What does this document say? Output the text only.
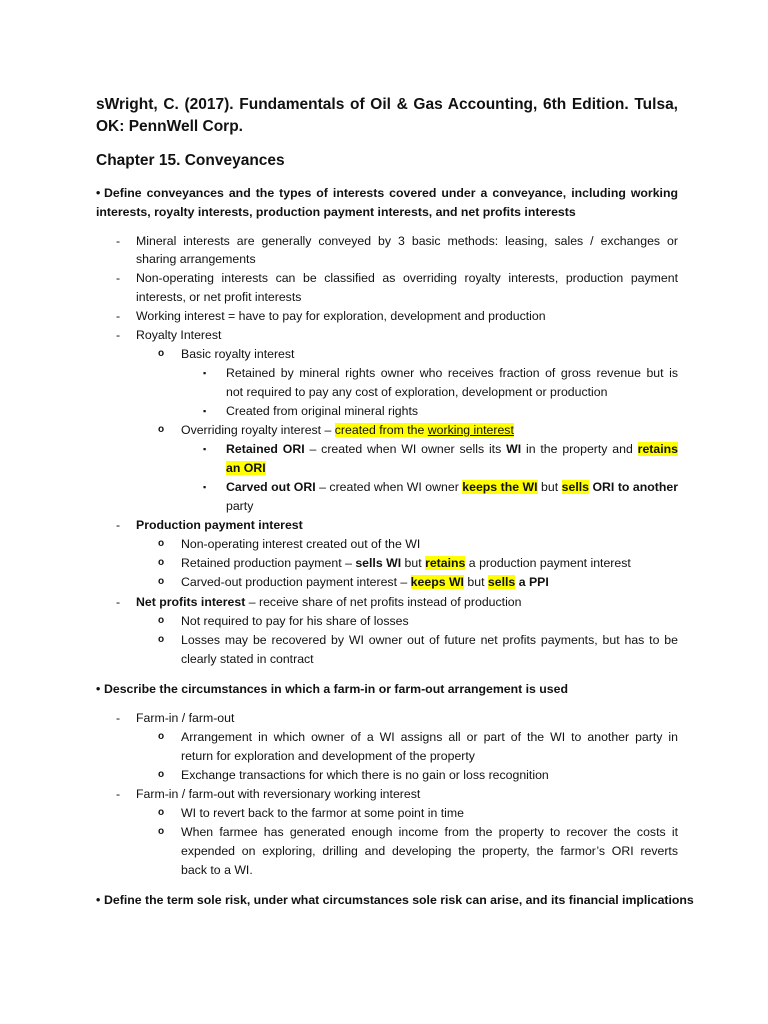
sWright, C. (2017). Fundamentals of Oil & Gas Accounting, 6th Edition. Tulsa, OK: PennWell Corp.
Chapter 15. Conveyances
• Define conveyances and the types of interests covered under a conveyance, including working
interests, royalty interests, production payment interests, and net profits interests
- Mineral interests are generally conveyed by 3 basic methods: leasing, sales / exchanges or
sharing arrangements
- Non-operating interests can be classified as overriding royalty interests, production payment
interests, or net profit interests
- Working interest = have to pay for exploration, development and production
- Royalty Interest
o Basic royalty interest
▪ Retained by mineral rights owner who receives fraction of gross revenue but is
not required to pay any cost of exploration, development or production
▪ Created from original mineral rights
o Overriding royalty interest – created from the working interest
▪ Retained ORI – created when WI owner sells its WI in the property and retains
an ORI
▪ Carved out ORI – created when WI owner keeps the WI but sells ORI to another
party
- Production payment interest
o Non-operating interest created out of the WI
o Retained production payment – sells WI but retains a production payment interest
o Carved-out production payment interest – keeps WI but sells a PPI
- Net profits interest – receive share of net profits instead of production
o Not required to pay for his share of losses
o Losses may be recovered by WI owner out of future net profits payments, but has to be
clearly stated in contract
• Describe the circumstances in which a farm-in or farm-out arrangement is used
- Farm-in / farm-out
o Arrangement in which owner of a WI assigns all or part of the WI to another party in
return for exploration and development of the property
o Exchange transactions for which there is no gain or loss recognition
- Farm-in / farm-out with reversionary working interest
o WI to revert back to the farmor at some point in time
o When farmee has generated enough income from the property to recover the costs it
expended on exploring, drilling and developing the property, the farmor’s ORI reverts
back to a WI.
• Define the term sole risk, under what circumstances sole risk can arise, and its financial implications
